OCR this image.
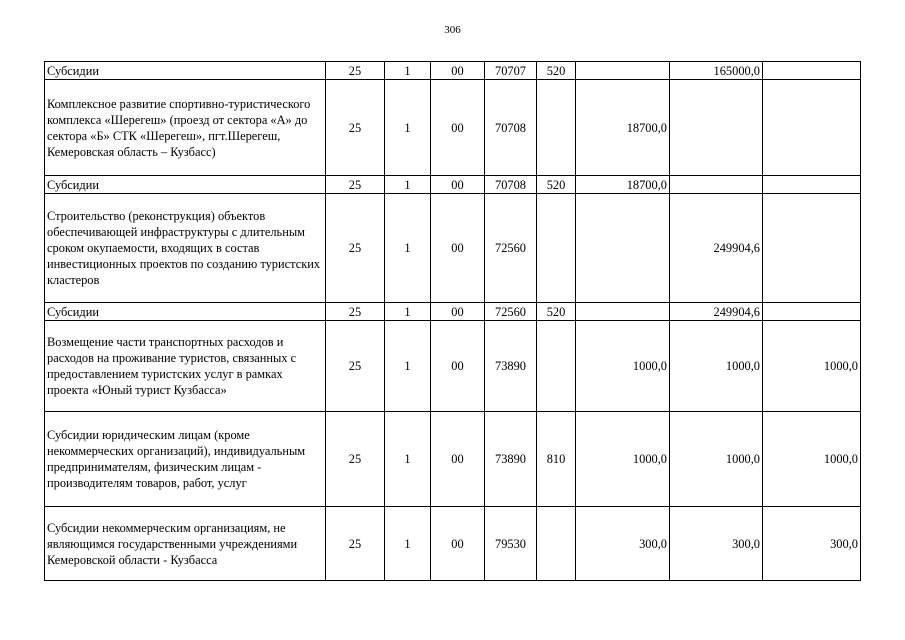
306
Субсидии	25	1	00	70707	520		165000,0	
Комплексное развитие спортивно-туристического комплекса «Шерегеш» (проезд от сектора «А» до сектора «Б» СТК «Шерегеш», пгт.Шерегеш, Кемеровская область – Кузбасс)	25	1	00	70708		18700,0		
Субсидии	25	1	00	70708	520	18700,0		
Строительство (реконструкция) объектов обеспечивающей инфраструктуры с длительным сроком окупаемости, входящих в состав инвестиционных проектов по созданию туристских кластеров	25	1	00	72560			249904,6	
Субсидии	25	1	00	72560	520		249904,6	
Возмещение части транспортных расходов и расходов на проживание туристов, связанных с предоставлением туристских услуг в рамках проекта «Юный турист Кузбасса»	25	1	00	73890		1000,0	1000,0	1000,0
Субсидии юридическим лицам (кроме некоммерческих организаций), индивидуальным предпринимателям, физическим лицам - производителям товаров, работ, услуг	25	1	00	73890	810	1000,0	1000,0	1000,0
Субсидии некоммерческим организациям, не являющимся государственными учреждениями Кемеровской области - Кузбасса	25	1	00	79530		300,0	300,0	300,0
